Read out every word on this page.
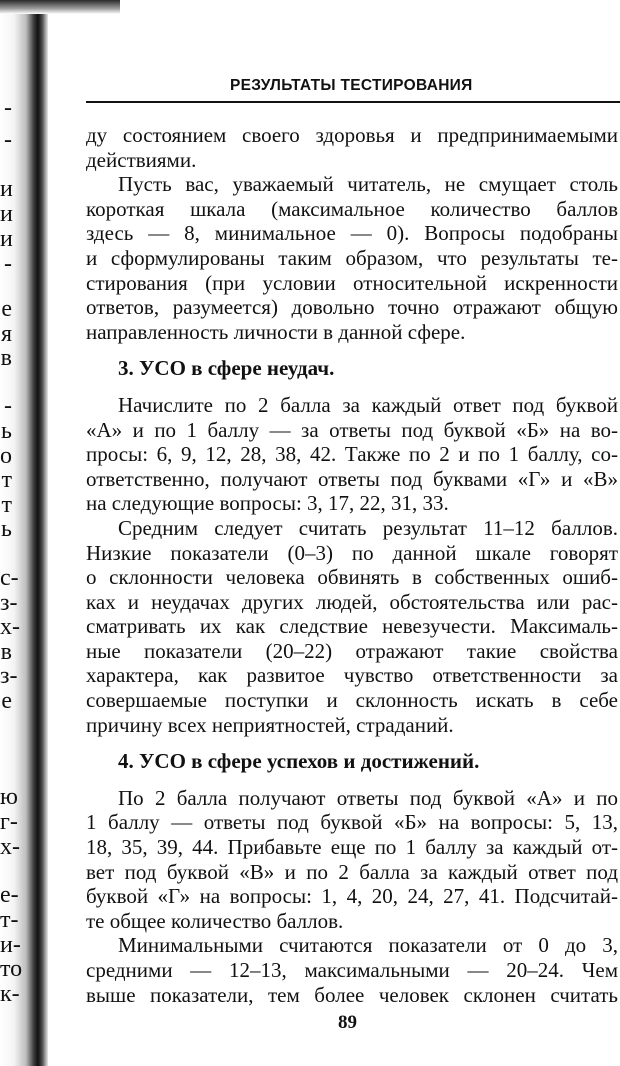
-
-
и
и
и
-
е
я
в
-
ь
о
т
т
ь
с-
з-
х-
в
з-
е
ю
г-
х-
е-
т-
и-
то
к-
РЕЗУЛЬТАТЫ ТЕСТИРОВАНИЯ
ду состоянием своего здоровья и предпринимаемыми
действиями.
Пусть вас, уважаемый читатель, не смущает столь
короткая шкала (максимальное количество баллов
здесь — 8, минимальное — 0). Вопросы подобраны
и сформулированы таким образом, что результаты те-
стирования (при условии относительной искренности
ответов, разумеется) довольно точно отражают общую
направленность личности в данной сфере.
3. УСО в сфере неудач.
Начислите по 2 балла за каждый ответ под буквой
«А» и по 1 баллу — за ответы под буквой «Б» на во-
просы: 6, 9, 12, 28, 38, 42. Также по 2 и по 1 баллу, со-
ответственно, получают ответы под буквами «Г» и «В»
на следующие вопросы: 3, 17, 22, 31, 33.
Средним следует считать результат 11–12 баллов.
Низкие показатели (0–3) по данной шкале говорят
о склонности человека обвинять в собственных ошиб-
ках и неудачах других людей, обстоятельства или рас-
сматривать их как следствие невезучести. Максималь-
ные показатели (20–22) отражают такие свойства
характера, как развитое чувство ответственности за
совершаемые поступки и склонность искать в себе
причину всех неприятностей, страданий.
4. УСО в сфере успехов и достижений.
По 2 балла получают ответы под буквой «А» и по
1 баллу — ответы под буквой «Б» на вопросы: 5, 13,
18, 35, 39, 44. Прибавьте еще по 1 баллу за каждый от-
вет под буквой «В» и по 2 балла за каждый ответ под
буквой «Г» на вопросы: 1, 4, 20, 24, 27, 41. Подсчитай-
те общее количество баллов.
Минимальными считаются показатели от 0 до 3,
средними — 12–13, максимальными — 20–24. Чем
выше показатели, тем более человек склонен считать
89
